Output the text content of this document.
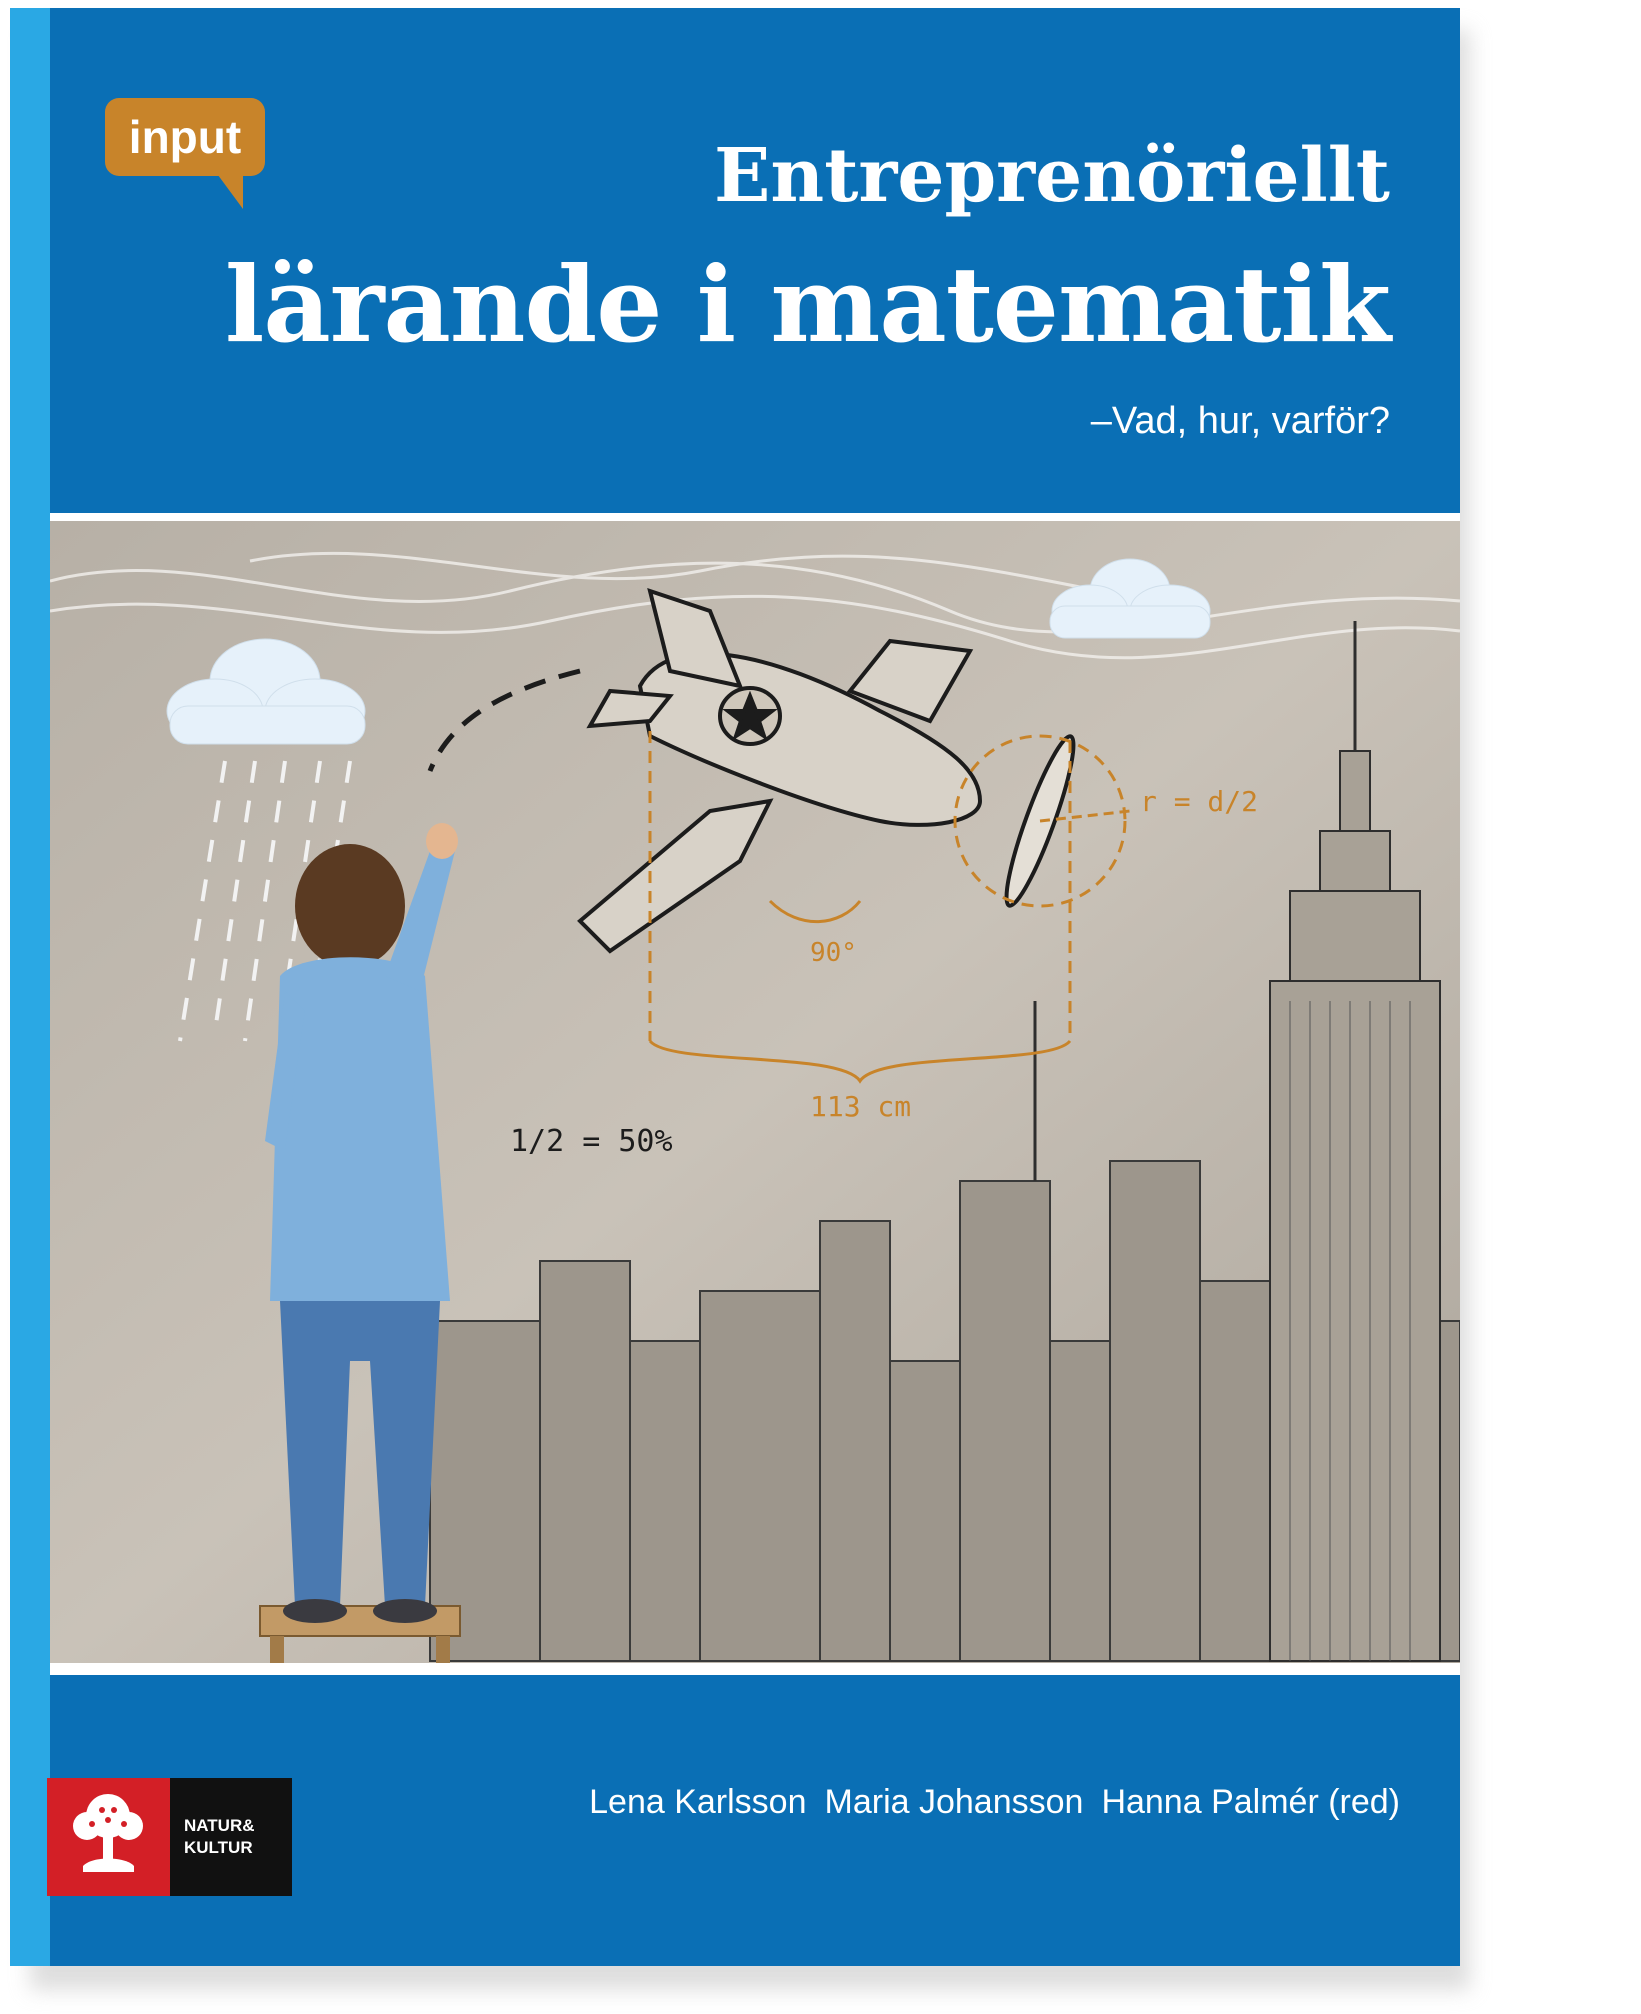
input	Entreprenöriellt
lärande i matematik
–Vad, hur, varför?
r = d/2
90°
113 cm
1/2 = 50%
Lena Karlsson Maria Johansson Hanna Palmér (red)
NATUR&
KULTUR
